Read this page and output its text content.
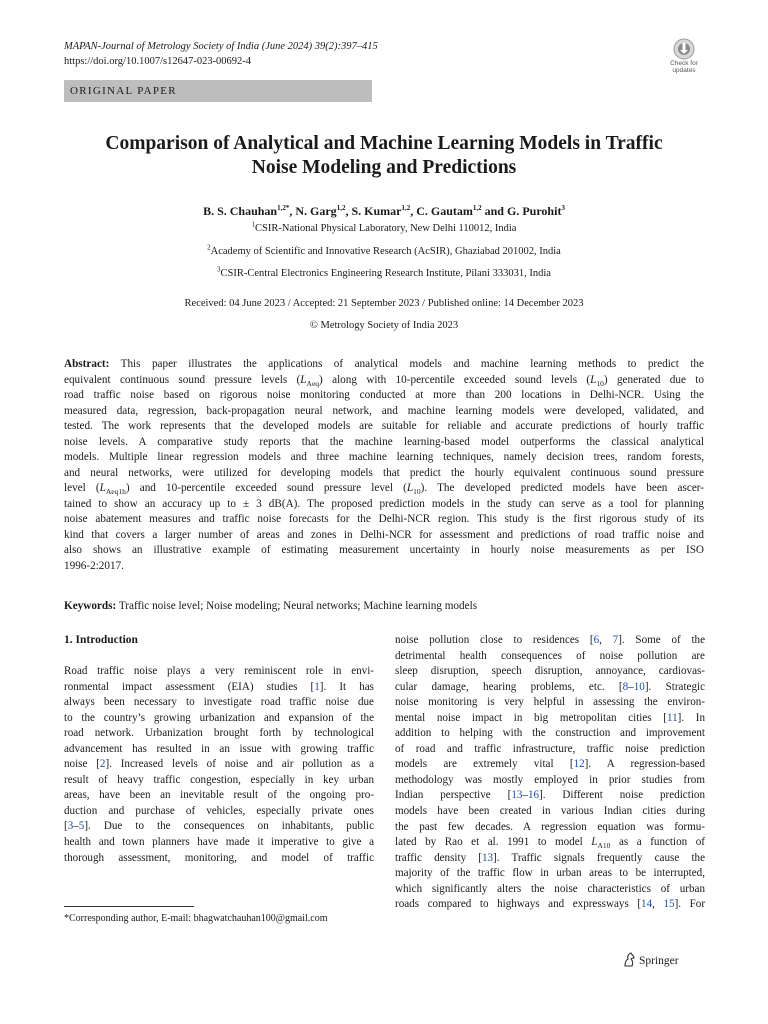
MAPAN-Journal of Metrology Society of India (June 2024) 39(2):397–415
https://doi.org/10.1007/s12647-023-00692-4	Check for
updates
ORIGINAL PAPER
Comparison of Analytical and Machine Learning Models in Traffic
Noise Modeling and Predictions
B. S. Chauhan$^{1,2*}$, N. Garg$^{1,2}$, S. Kumar$^{1,2}$, C. Gautam$^{1,2}$ and G. Purohit$^3$
$^1$CSIR-National Physical Laboratory, New Delhi 110012, India
$^2$Academy of Scientific and Innovative Research (AcSIR), Ghaziabad 201002, India
$^3$CSIR-Central Electronics Engineering Research Institute, Pilani 333031, India
Received: 04 June 2023 / Accepted: 21 September 2023 / Published online: 14 December 2023
© Metrology Society of India 2023
Abstract: This paper illustrates the applications of analytical models and machine learning methods to predict the
equivalent continuous sound pressure levels $(L_{Aeq})$ along with 10-percentile exceeded sound levels $(L_{10})$ generated due to
road traffic noise based on rigorous noise monitoring conducted at more than 200 locations in Delhi-NCR. Using the
measured data, regression, back-propagation neural network, and machine learning models were developed, validated, and
tested. The work represents that the developed models are suitable for reliable and accurate predictions of hourly traffic
noise levels. A comparative study reports that the machine learning-based model outperforms the classical analytical
models. Multiple linear regression models and three machine learning techniques, namely decision trees, random forests,
and neural networks, were utilized for developing models that predict the hourly equivalent continuous sound pressure
level $(L_{Aeq1h})$ and 10-percentile exceeded sound pressure level $(L_{10})$. The developed predicted models have been ascer-
tained to show an accuracy up to ± 3 dB(A). The proposed prediction models in the study can serve as a tool for planning
noise abatement measures and traffic noise forecasts for the Delhi-NCR region. This study is the first rigorous study of its
kind that covers a larger number of areas and zones in Delhi-NCR for assessment and predictions of road traffic noise and
also shows an illustrative example of estimating measurement uncertainty in hourly noise measurements as per ISO
1996-2:2017.
Keywords: Traffic noise level; Noise modeling; Neural networks; Machine learning models
1. Introduction
Road traffic noise plays a very reminiscent role in envi-
ronmental impact assessment (EIA) studies [1]. It has
always been necessary to investigate road traffic noise due
to the country’s growing urbanization and expansion of the
road network. Urbanization brought forth by technological
advancement has resulted in an issue with growing traffic
noise [2]. Increased levels of noise and air pollution as a
result of heavy traffic congestion, especially in key urban
areas, have been an inevitable result of the ongoing pro-
duction and purchase of vehicles, especially private ones
[3–5]. Due to the consequences on inhabitants, public
health and town planners have made it imperative to give a
thorough assessment, monitoring, and model of traffic
noise pollution close to residences [6, 7]. Some of the
detrimental health consequences of noise pollution are
sleep disruption, speech disruption, annoyance, cardiovas-
cular damage, hearing problems, etc. [8–10]. Strategic
noise monitoring is very helpful in assessing the environ-
mental noise impact in big metropolitan cities [11]. In
addition to helping with the construction and improvement
of road and traffic infrastructure, traffic noise prediction
models are extremely vital [12]. A regression-based
methodology was mostly employed in prior studies from
Indian perspective [13–16]. Different noise prediction
models have been created in various Indian cities during
the past few decades. A regression equation was formu-
lated by Rao et al. 1991 to model $L_{A10}$ as a function of
traffic density [13]. Traffic signals frequently cause the
majority of the traffic flow in urban areas to be interrupted,
which significantly alters the noise characteristics of urban
roads compared to highways and expressways [14, 15]. For
*Corresponding author, E-mail: bhagwatchauhan100@gmail.com
Springer
